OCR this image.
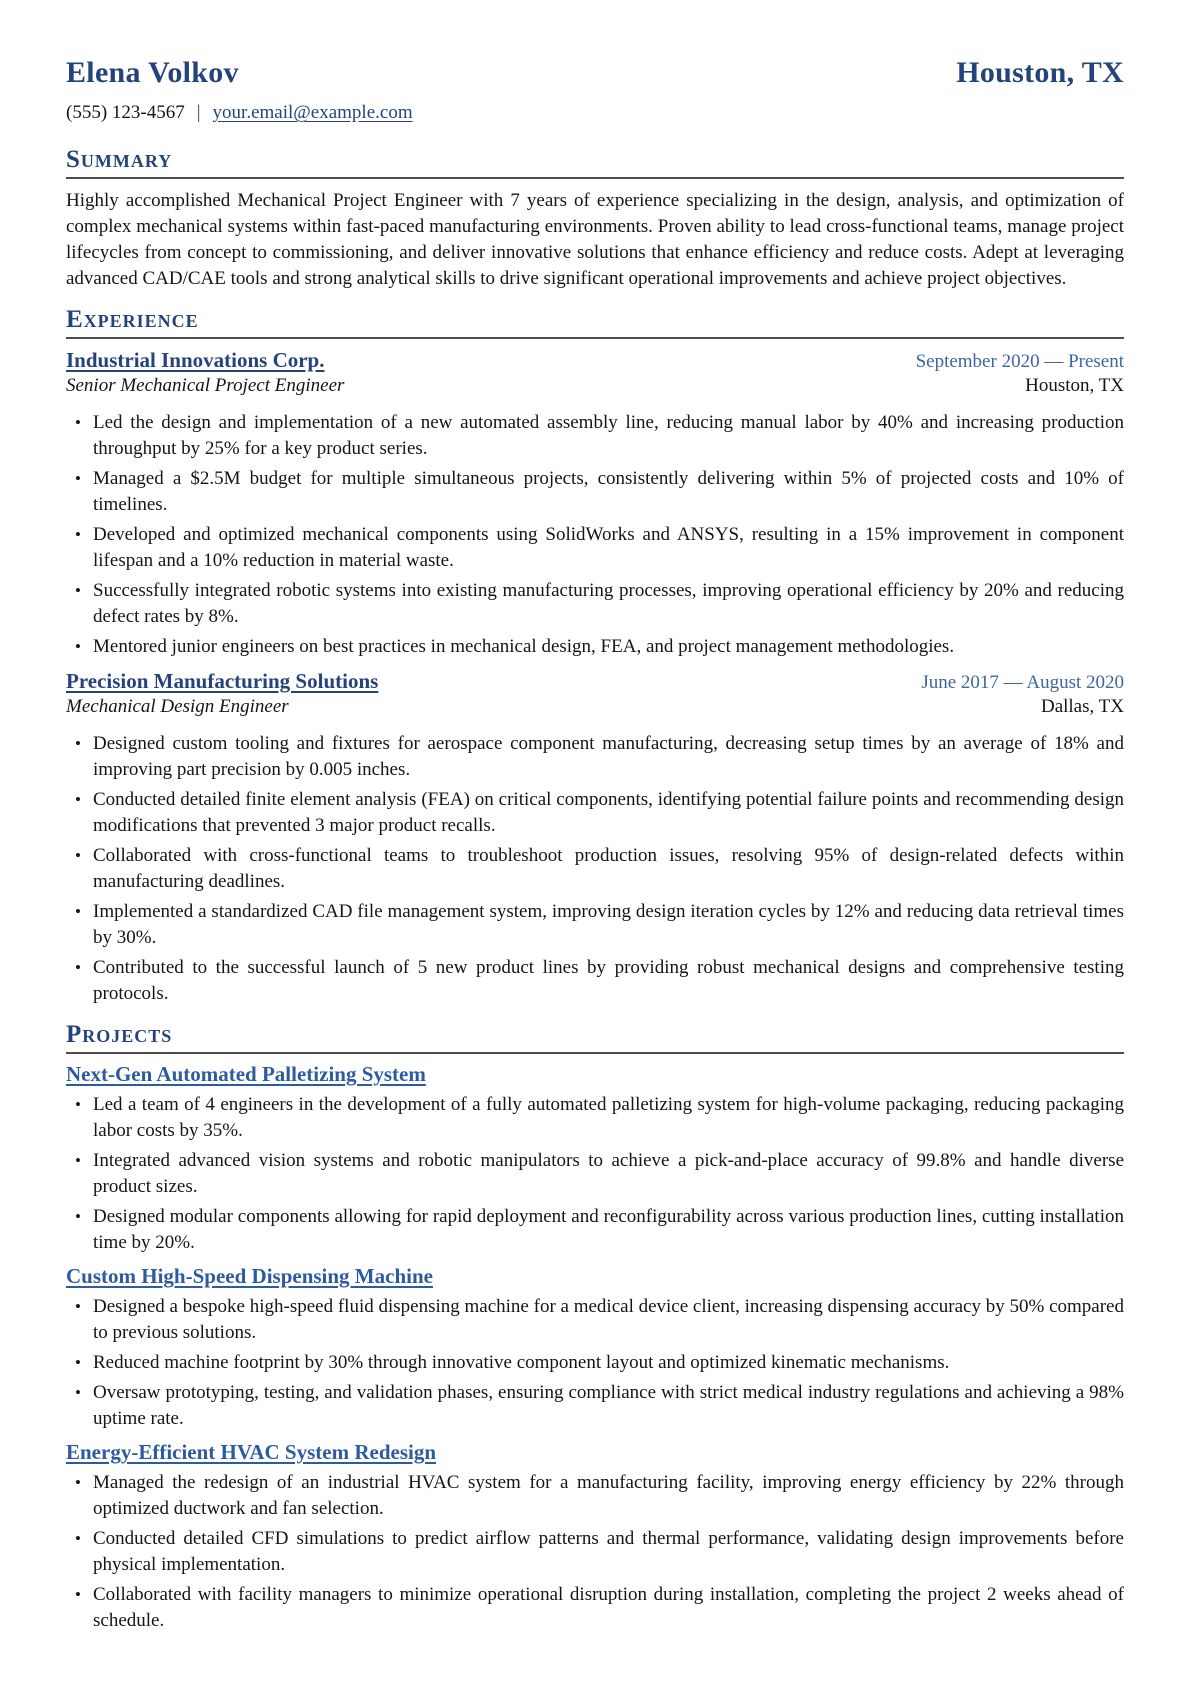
Elena Volkov	Houston, TX
(555) 123-4567 | your.email@example.com
Summary

Highly accomplished Mechanical Project Engineer with 7 years of experience specializing in the design, analysis, and optimization of complex mechanical systems within fast-paced manufacturing environments. Proven ability to lead cross-functional teams, manage project lifecycles from concept to commissioning, and deliver innovative solutions that enhance efficiency and reduce costs. Adept at leveraging advanced CAD/CAE tools and strong analytical skills to drive significant operational improvements and achieve project objectives.

Experience
Industrial Innovations Corp.	September 2020 — Present
Senior Mechanical Project Engineer	Houston, TX
• Led the design and implementation of a new automated assembly line, reducing manual labor by 40% and increasing production throughput by 25% for a key product series.
• Managed a $2.5M budget for multiple simultaneous projects, consistently delivering within 5% of projected costs and 10% of timelines.
• Developed and optimized mechanical components using SolidWorks and ANSYS, resulting in a 15% improvement in component lifespan and a 10% reduction in material waste.
• Successfully integrated robotic systems into existing manufacturing processes, improving operational efficiency by 20% and reducing defect rates by 8%.
• Mentored junior engineers on best practices in mechanical design, FEA, and project management methodologies.
Precision Manufacturing Solutions	June 2017 — August 2020
Mechanical Design Engineer	Dallas, TX
• Designed custom tooling and fixtures for aerospace component manufacturing, decreasing setup times by an average of 18% and improving part precision by 0.005 inches.
• Conducted detailed finite element analysis (FEA) on critical components, identifying potential failure points and recommending design modifications that prevented 3 major product recalls.
• Collaborated with cross-functional teams to troubleshoot production issues, resolving 95% of design-related defects within manufacturing deadlines.
• Implemented a standardized CAD file management system, improving design iteration cycles by 12% and reducing data retrieval times by 30%.
• Contributed to the successful launch of 5 new product lines by providing robust mechanical designs and comprehensive testing protocols.
Projects
Next-Gen Automated Palletizing System
• Led a team of 4 engineers in the development of a fully automated palletizing system for high-volume packaging, reducing packaging labor costs by 35%.
• Integrated advanced vision systems and robotic manipulators to achieve a pick-and-place accuracy of 99.8% and handle diverse product sizes.
• Designed modular components allowing for rapid deployment and reconfigurability across various production lines, cutting installation time by 20%.
Custom High-Speed Dispensing Machine
• Designed a bespoke high-speed fluid dispensing machine for a medical device client, increasing dispensing accuracy by 50% compared to previous solutions.
• Reduced machine footprint by 30% through innovative component layout and optimized kinematic mechanisms.
• Oversaw prototyping, testing, and validation phases, ensuring compliance with strict medical industry regulations and achieving a 98% uptime rate.
Energy-Efficient HVAC System Redesign
• Managed the redesign of an industrial HVAC system for a manufacturing facility, improving energy efficiency by 22% through optimized ductwork and fan selection.
• Conducted detailed CFD simulations to predict airflow patterns and thermal performance, validating design improvements before physical implementation.
• Collaborated with facility managers to minimize operational disruption during installation, completing the project 2 weeks ahead of schedule.
